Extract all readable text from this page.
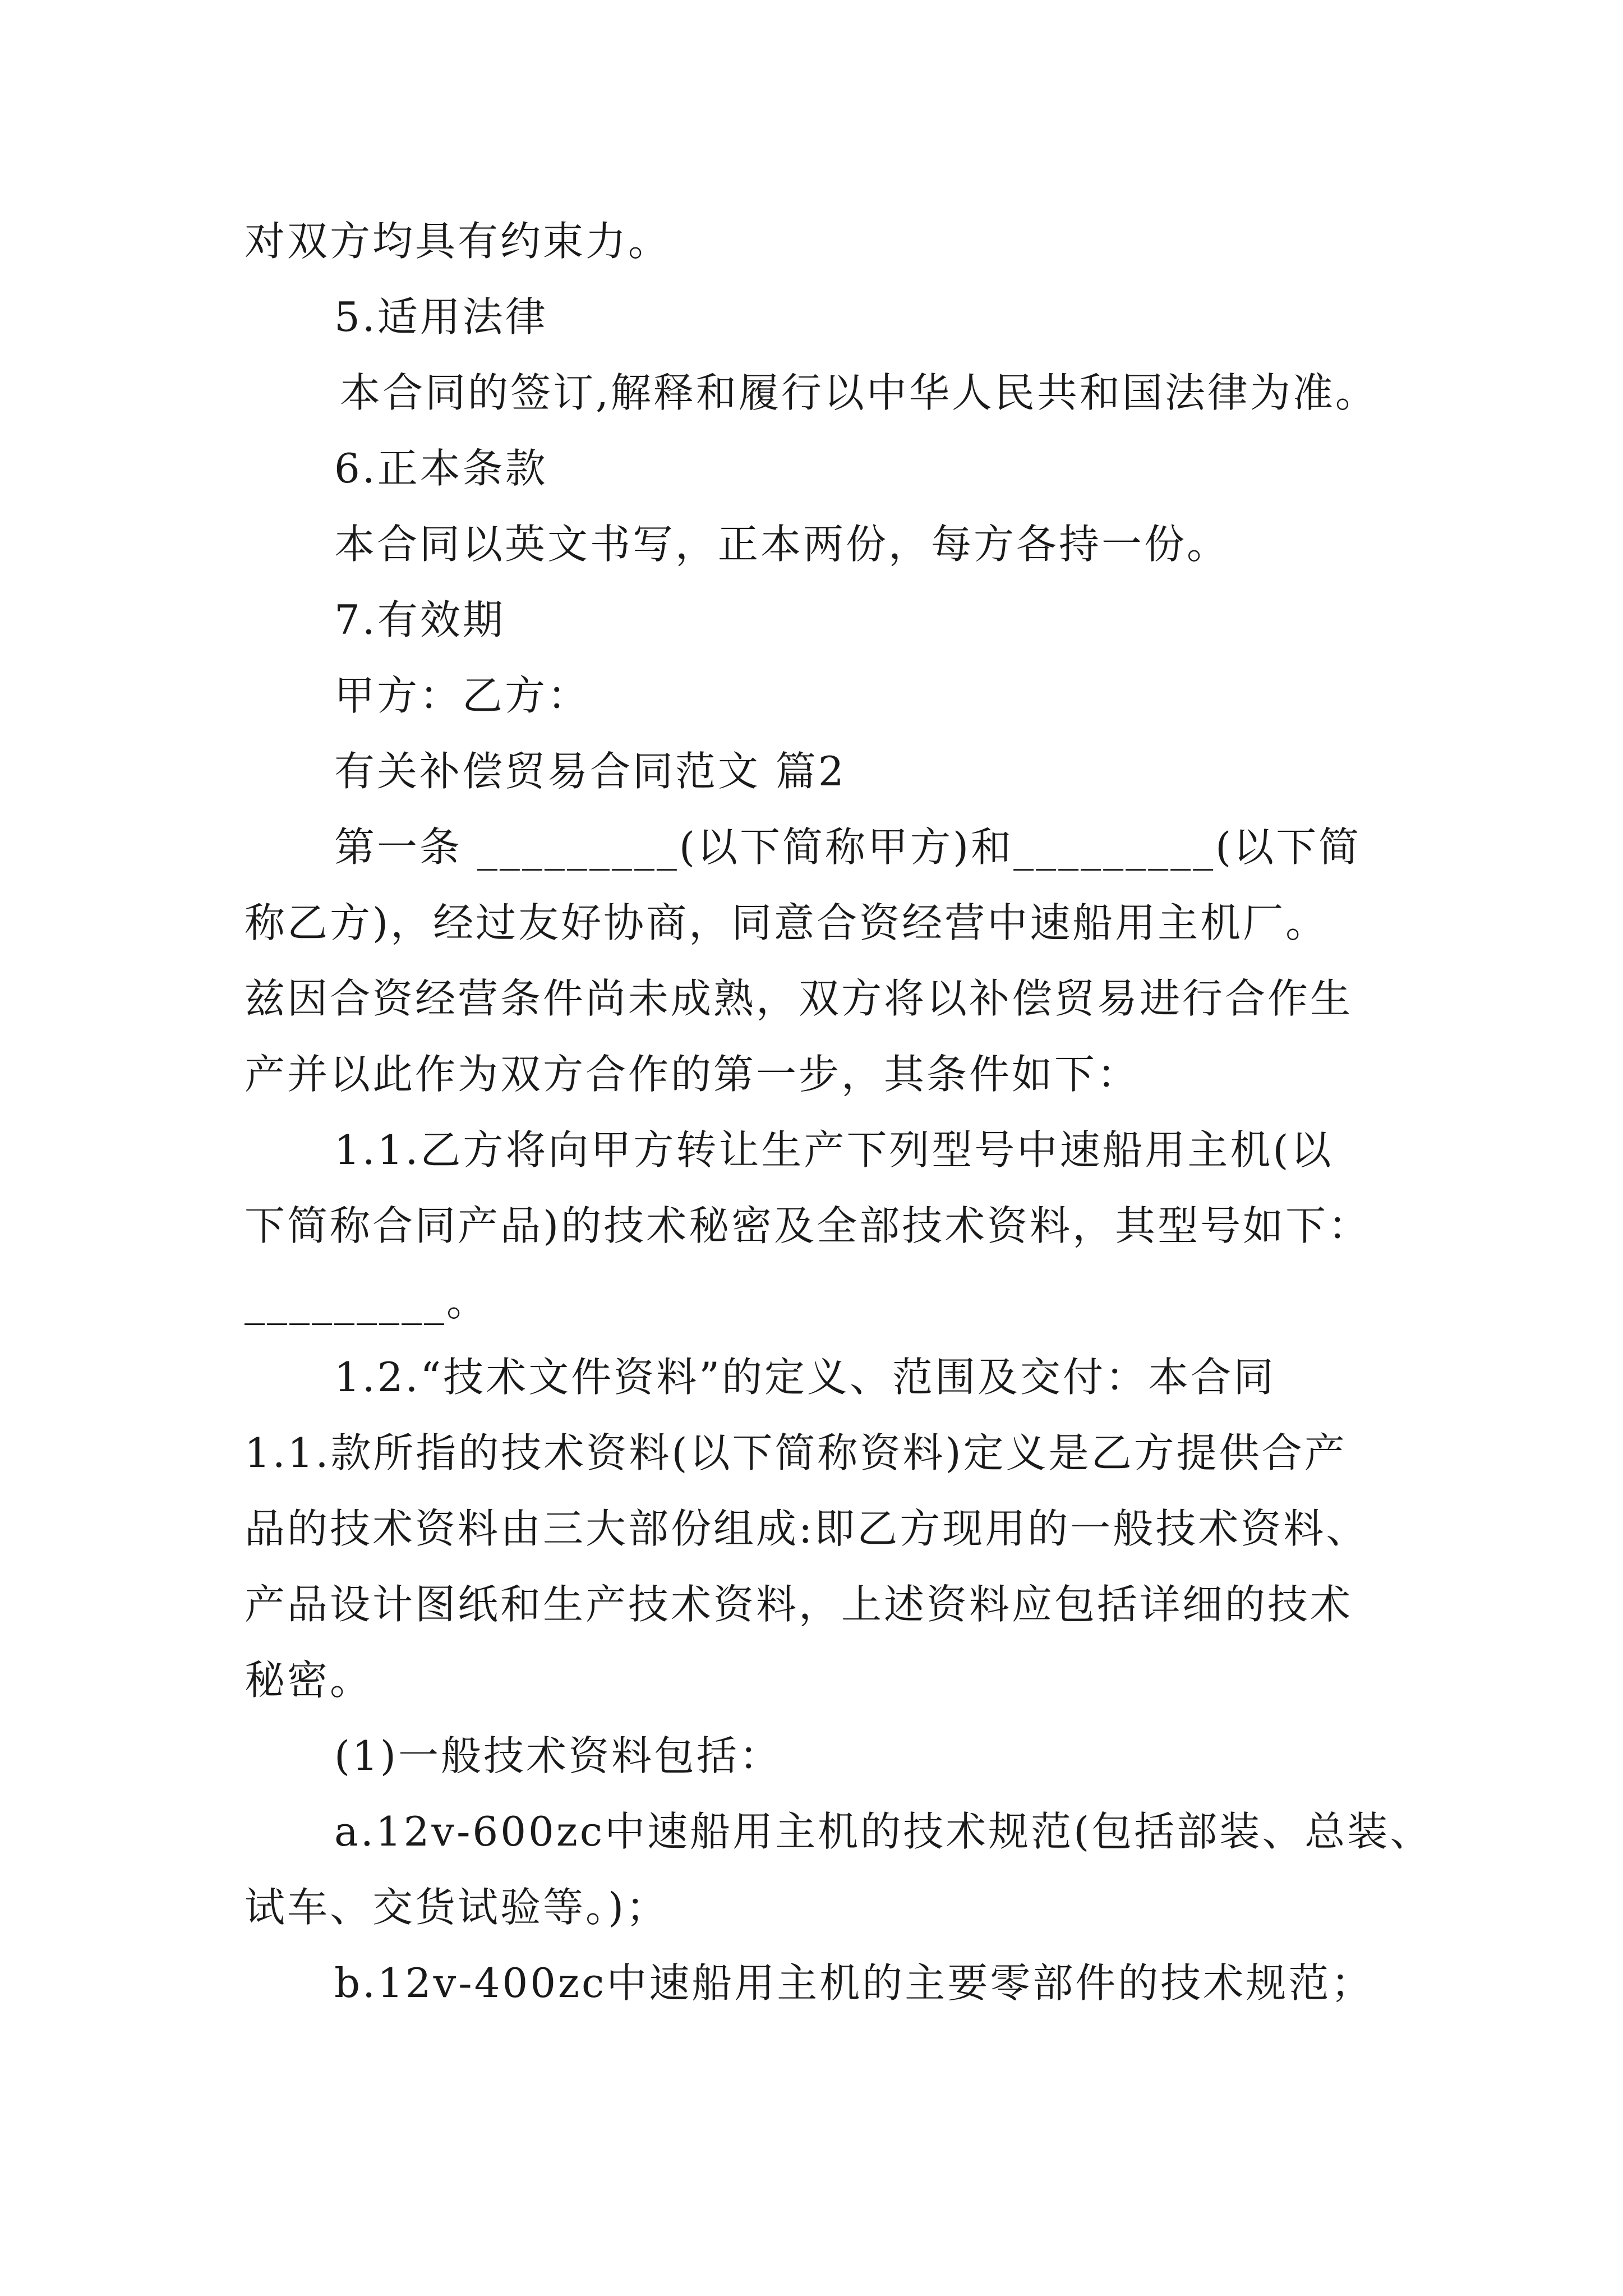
对双方均具有约束力。
5.适用法律
本合同的签订,解释和履行以中华人民共和国法律为准。
6.正本条款
本合同以英文书写，正本两份，每方各持一份。
7.有效期
甲方：乙方：
有关补偿贸易合同范文 篇2
第一条 _________(以下简称甲方)和_________(以下简
称乙方)，经过友好协商，同意合资经营中速船用主机厂。
兹因合资经营条件尚未成熟，双方将以补偿贸易进行合作生
产并以此作为双方合作的第一步，其条件如下：
1.1.乙方将向甲方转让生产下列型号中速船用主机(以
下简称合同产品)的技术秘密及全部技术资料，其型号如下：
_________。
1.2.“技术文件资料”的定义、范围及交付：本合同
1.1.款所指的技术资料(以下简称资料)定义是乙方提供合产
品的技术资料由三大部份组成:即乙方现用的一般技术资料、
产品设计图纸和生产技术资料，上述资料应包括详细的技术
秘密。
(1)一般技术资料包括：
a.12v-600zc中速船用主机的技术规范(包括部装、总装、
试车、交货试验等。)；
b.12v-400zc中速船用主机的主要零部件的技术规范；
